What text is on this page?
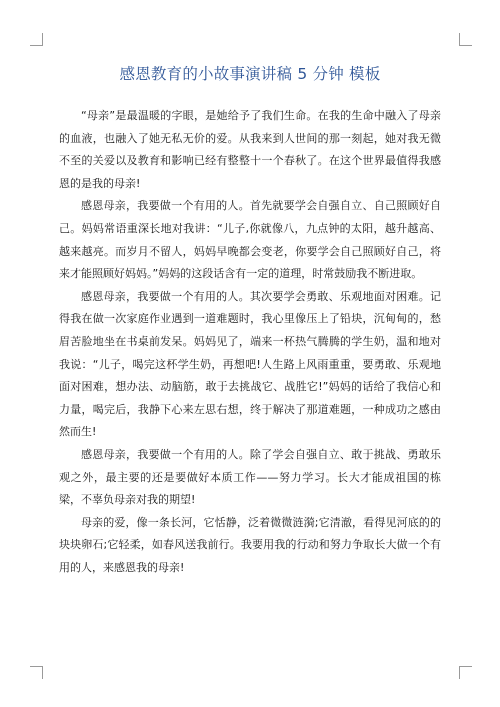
感恩教育的小故事演讲稿 5 分钟 模板

“母亲”是最温暖的字眼，是她给予了我们生命。在我的生命中融入了母亲的血液，也融入了她无私无价的爱。从我来到人世间的那一刻起，她对我无微不至的关爱以及教育和影响已经有整整十一个春秋了。在这个世界最值得我感恩的是我的母亲!

感恩母亲，我要做一个有用的人。首先就要学会自强自立、自己照顾好自己。妈妈常语重深长地对我讲：“儿子,你就像八，九点钟的太阳，越升越高、越来越亮。而岁月不留人，妈妈早晚都会变老，你要学会自己照顾好自己，将来才能照顾好妈妈。”妈妈的这段话含有一定的道理，时常鼓励我不断进取。

感恩母亲，我要做一个有用的人。其次要学会勇敢、乐观地面对困难。记得我在做一次家庭作业遇到一道难题时，我心里像压上了铅块，沉甸甸的，愁眉苦脸地坐在书桌前发呆。妈妈见了，端来一杯热气腾腾的学生奶，温和地对我说：“儿子，喝完这杯学生奶，再想吧!人生路上风雨重重，要勇敢、乐观地面对困难，想办法、动脑筋，敢于去挑战它、战胜它!”妈妈的话给了我信心和力量，喝完后，我静下心来左思右想，终于解决了那道难题，一种成功之感由然而生!

感恩母亲，我要做一个有用的人。除了学会自强自立、敢于挑战、勇敢乐观之外，最主要的还是要做好本质工作——努力学习。长大才能成祖国的栋梁，不辜负母亲对我的期望!

母亲的爱，像一条长河，它恬静，泛着微微涟漪;它清澈，看得见河底的的块块卵石;它轻柔，如春风送我前行。我要用我的行动和努力争取长大做一个有用的人，来感恩我的母亲!
